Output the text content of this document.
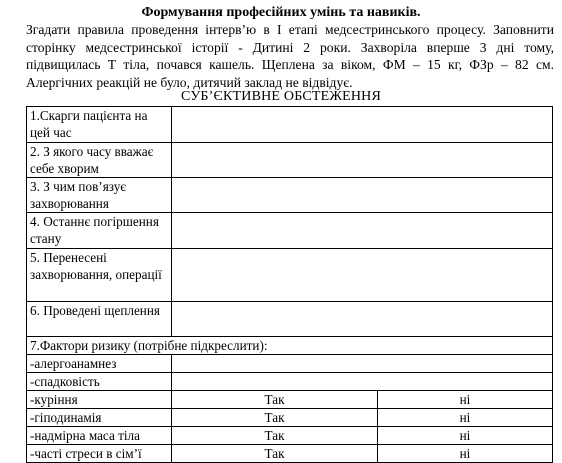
Формування професійних умінь та навиків.

Згадати правила проведення інтерв’ю в І етапі медсестринського процесу. Заповнити сторінку медсестринської історії - Дитині 2 роки. Захворіла вперше 3 дні тому, підвищилась Т тіла, почався кашель. Щеплена за віком, ФМ – 15 кг, ФЗр – 82 см. Алергічних реакцій не було, дитячий заклад не відвідує.

СУБ’ЄКТИВНЕ ОБСТЕЖЕННЯ
1.Скарги пацієнта на цей час	
2. З якого часу вважає себе хворим	
3. З чим пов’язує захворювання	
4. Останнє погіршення стану	
5. Перенесені захворювання, операції	
6. Проведені щеплення	
7.Фактори ризику (потрібне підкреслити):	
-алергоанамнез	
-спадковість	
-куріння	Так ні

-гіподинамія	Так ні

-надмірна маса тіла	Так ні

-часті стреси в сім’ї	Так ні
